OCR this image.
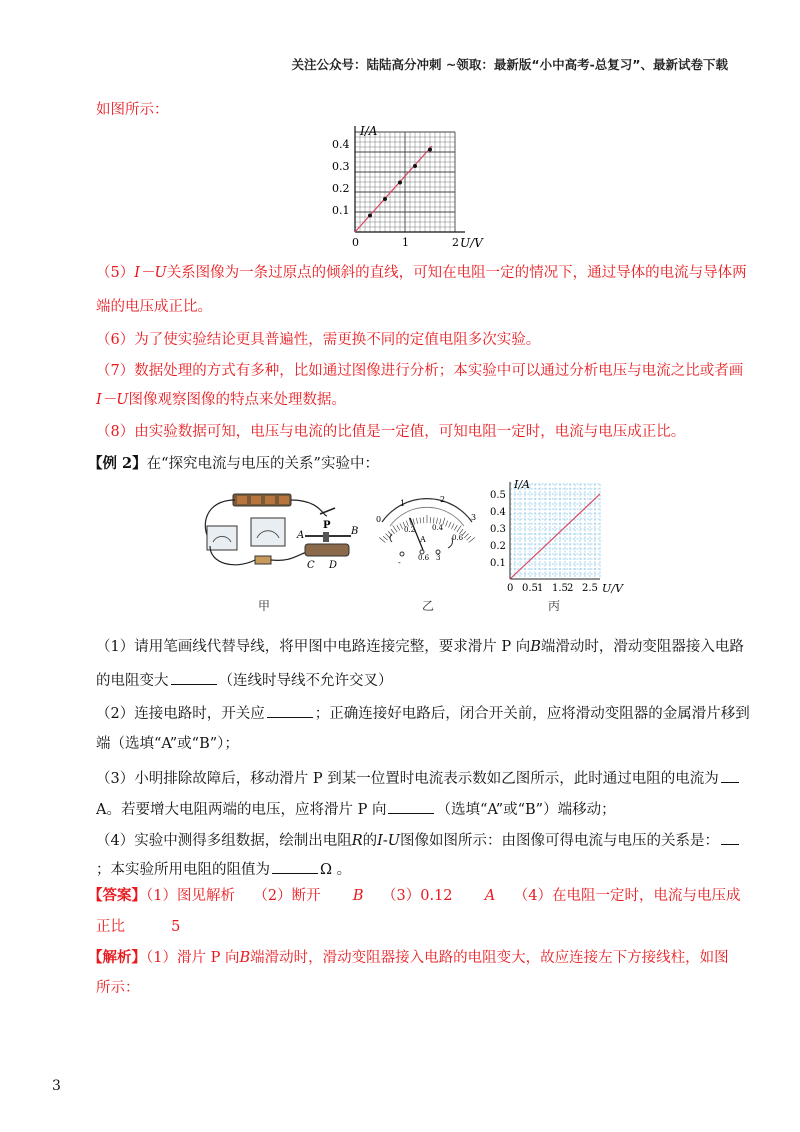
关注公众号：陆陆高分冲刺 ~领取：最新版“小中高考-总复习”、最新试卷下载
如图所示：
I/A
U/V
0.4
0.3
0.2
0.1
0	1	2
（5）I－U关系图像为一条过原点的倾斜的直线，可知在电阻一定的情况下，通过导体的电流与导体两
端的电压成正比。
（6）为了使实验结论更具普遍性，需更换不同的定值电阻多次实验。
（7）数据处理的方式有多种，比如通过图像进行分析；本实验中可以通过分析电压与电流之比或者画
I－U图像观察图像的特点来处理数据。
（8）由实验数据可知，电压与电流的比值是一定值，可知电阻一定时，电流与电压成正比。
【例 2】在“探究电流与电压的关系”实验中：
P
A	B
C D
0
1	2
3
0.2 0.4
0.6
A
- 0.6 3
I/A
U/V
0.5
0.4
0.3
0.2
0.1
0 0.5 1 1.5 2 2.5
甲	乙	丙
（1）请用笔画线代替导线，将甲图中电路连接完整，要求滑片 P 向B端滑动时，滑动变阻器接入电路
的电阻变大	（连线时导线不允许交叉）
（2）连接电路时，开关应	；正确连接好电路后，闭合开关前，应将滑动变阻器的金属滑片移到
端（选填“A”或“B”）；
（3）小明排除故障后，移动滑片 P 到某一位置时电流表示数如乙图所示，此时通过电阻的电流为
A。若要增大电阻两端的电压，应将滑片 P 向	（选填“A”或“B”）端移动；
（4）实验中测得多组数据，绘制出电阻R的I-U图像如图所示：由图像可得电流与电压的关系是：
；本实验所用电阻的阻值为	Ω 。
【答案】（1）图见解析 （2）断开 B （3）0.12 A （4）在电阻一定时，电流与电压成
正比	5
【解析】（1）滑片 P 向B端滑动时，滑动变阻器接入电路的电阻变大，故应连接左下方接线柱，如图
所示：
3
